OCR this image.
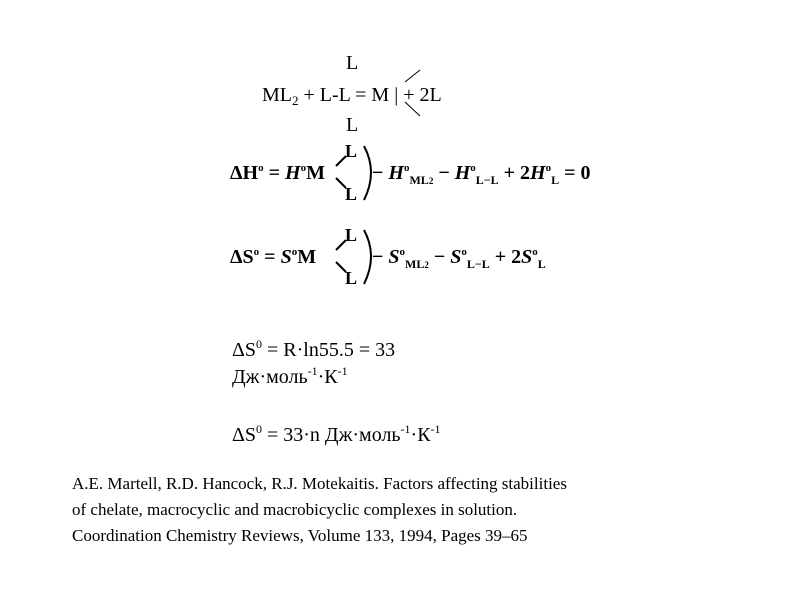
L
$ML_2 + L-L = M$ | + 2L
L
$\Delta H^o = H^oM$
L
L
− $H^o_{ML2} - H^o_{L-L} + 2H^o_L = 0$
$\Delta S^o = S^oM$
L
L
− $S^o_{ML2} - S^o_{L-L} + 2S^o_L$
$\Delta S^0 = R\cdot\ln 55.5 = 33$
$Дж\cdot моль^{-1}\cdot К^{-1}$
$\Delta S^0 = 33\cdot n$ $Дж\cdot моль^{-1}\cdot К^{-1}$
A.E. Martell, R.D. Hancock, R.J. Motekaitis. Factors affecting stabilities
of chelate, macrocyclic and macrobicyclic complexes in solution.
Coordination Chemistry Reviews, Volume 133, 1994, Pages 39–65
